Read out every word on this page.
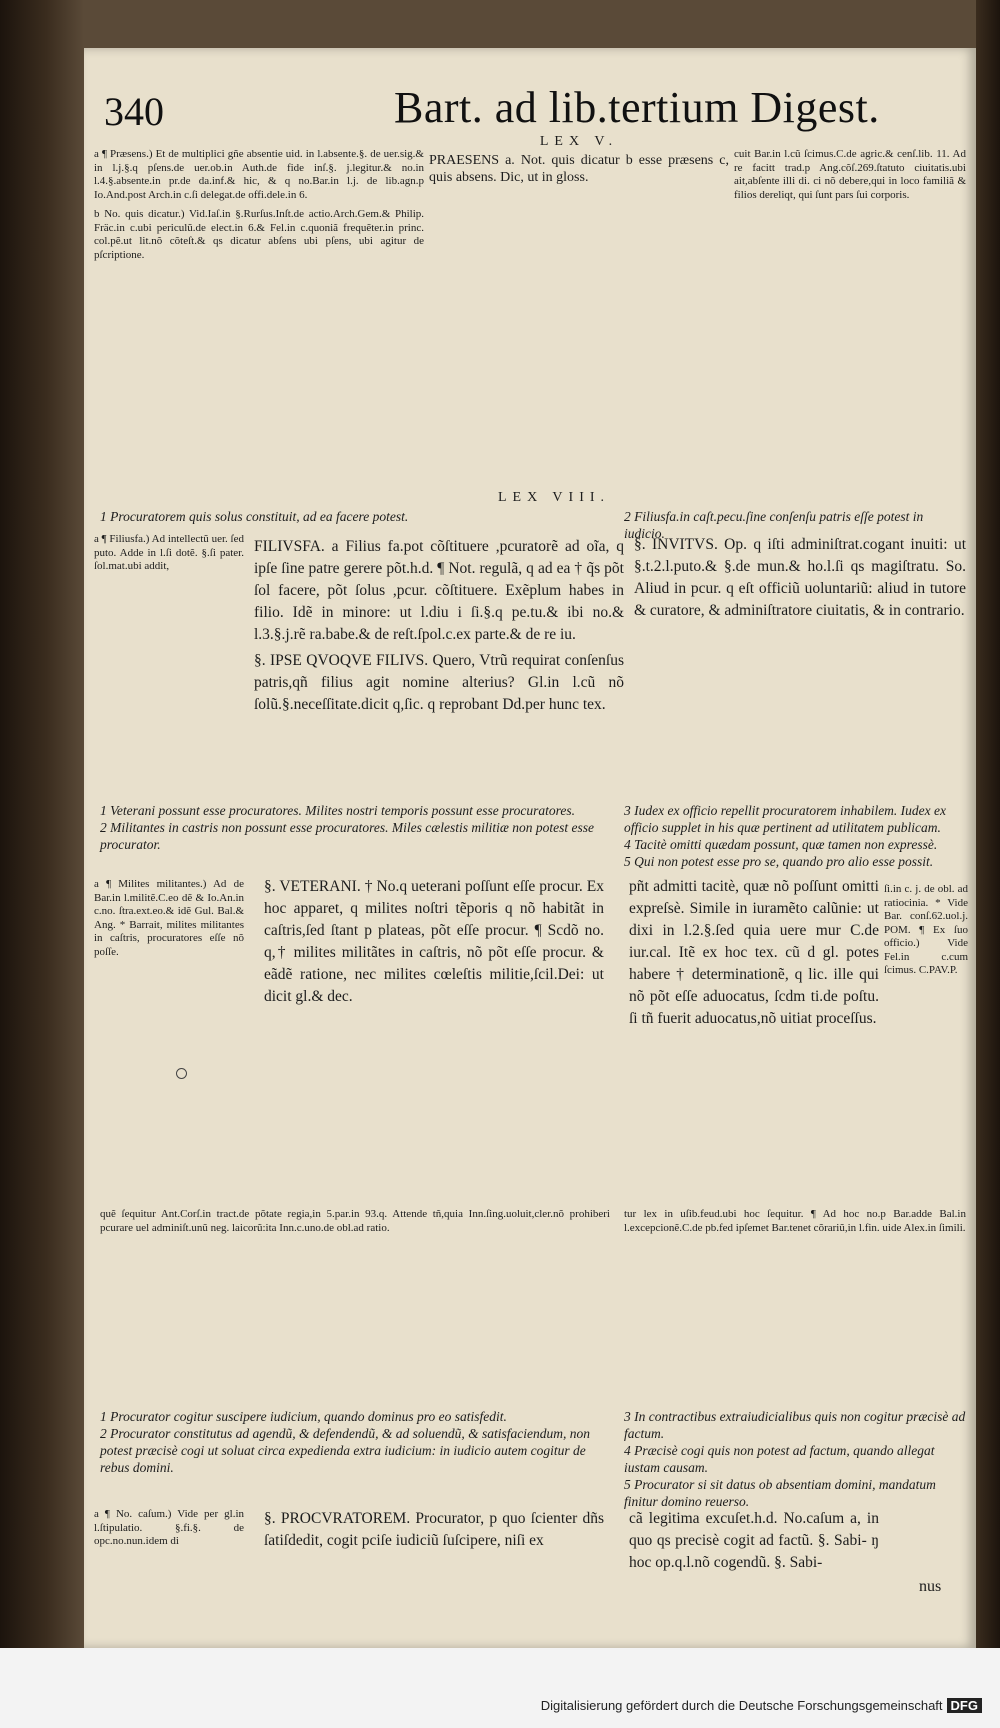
340	Bart. ad lib.tertium Digest.

a ¶ Præsens.) Et de multiplici gñe absentie uid. in l.absente.§. de uer.sig.& in l.j.§.q pſens.de uer.ob.in Auth.de fide inſ.§. j.legitur.& no.in l.4.§.absente.in pr.de da.inf.& hic, & q no.Bar.in l.j. de lib.agn.p Io.And.post Arch.in c.ſi delegat.de offi.dele.in 6.

b No. quis dicatur.) Vid.Iaſ.in §.Rurſus.Inſt.de actio.Arch.Gem.& Philip. Fräc.in c.ubi periculũ.de elect.in 6.& Fel.in c.quoniã frequẽter.in princ. col.pẽ.ut lit.nõ cõteſt.& qs dicatur abſens ubi pſens, ubi agitur de pſcriptione.

LEX V.

PRAESENS a. Not. quis dicatur b esse præsens c, quis absens. Dic, ut in gloss.

cuit Bar.in l.cũ ſcimus.C.de agric.& cenſ.lib. 11. Ad re facitt trad.p Ang.cõſ.269.ſtatuto ciuitatis.ubi ait,abſente illi di. ci nõ debere,qui in loco familiã & filios dereliqt, qui ſunt pars ſui corporis.

LEX VIII.

1 Procuratorem quis solus constituit, ad ea facere potest.	2 Filiusfa.in caſt.pecu.ſine conſenſu patris eſſe potest in iudicio.

a ¶ Filiusfa.) Ad intellectũ uer. ſed puto. Adde in l.ſi dotẽ. §.ſi pater. ſol.mat.ubi addit,

FILIVSFA. a Filius fa.pot cõſtituere ,pcuratorẽ ad oĩa, q ipſe ſine patre gerere põt.h.d. ¶ Not. regulã, q ad ea † q̃s põt ſol facere, põt ſolus ,pcur. cõſtituere. Exẽplum habes in filio. Idẽ in minore: ut l.diu i ſi.§.q pe.tu.& ibi no.& l.3.§.j.rẽ ra.babe.& de reſt.ſpol.c.ex parte.& de re iu.

§. IPSE QVOQVE FILIVS. Quero, Vtrũ requirat conſenſus patris,qñ filius agit nomine alterius? Gl.in l.cũ nõ ſolũ.§.neceſſitate.dicit q,ſic. q reprobant Dd.per hunc tex.

§. INVITVS. Op. q iſti adminiſtrat.cogant inuiti: ut §.t.2.l.puto.& §.de mun.& ho.l.ſi qs magiſtratu. So. Aliud in pcur. q eſt officiũ uoluntariũ: aliud in tutore & curatore, & adminiſtratore ciuitatis, & in contrario.

1 Veterani possunt esse procuratores. Milites nostri temporis possunt esse procuratores.

2 Militantes in castris non possunt esse procuratores. Miles cælestis militiæ non potest esse procurator.

3 Iudex ex officio repellit procuratorem inhabilem. Iudex ex officio supplet in his quæ pertinent ad utilitatem publicam.

4 Tacitè omitti quædam possunt, quæ tamen non expressè.

5 Qui non potest esse pro se, quando pro alio esse possit.

a ¶ Milites militantes.) Ad de Bar.in l.militẽ.C.eo dẽ & Io.An.in c.no. ſtra.ext.eo.& idẽ Gul. Bal.& Ang. * Barrait, milites militantes in caſtris, procuratores eſſe nõ poſſe.

§. VETERANI. † No.q ueterani poſſunt eſſe procur. Ex hoc apparet, q milites noſtri tẽporis q nõ habitãt in caſtris,ſed ſtant p plateas, põt eſſe procur. ¶ Scdõ no. q,† milites militãtes in caſtris, nõ põt eſſe procur. & eãdẽ ratione, nec milites cœleſtis militie,ſcil.Dei: ut dicit gl.& dec.

pñt admitti tacitè, quæ nõ poſſunt omitti expreſsè. Simile in iuramẽto calũnie: ut dixi in l.2.§.ſed quia uere mur C.de iur.cal. Itẽ ex hoc tex. cũ d gl. potes habere † determinationẽ, q lic. ille qui nõ põt eſſe aduocatus, ſcdm ti.de poſtu. ſi tñ fuerit aduocatus,nõ uitiat proceſſus.

ſi.in c. j. de obl. ad ratiocinia. * Vide Bar. conſ.62.uol.j. POM. ¶ Ex ſuo officio.) Vide Fel.in c.cum ſcimus. C.PAV.P.

quẽ ſequitur Ant.Corſ.in tract.de põtate regia,in 5.par.in 93.q. Attende tñ,quia Inn.ſing.uoluit,cler.nõ prohiberi pcurare uel adminiſt.unũ neg. laicorũ:ita Inn.c.uno.de obl.ad ratio.

tur lex in uſib.feud.ubi hoc ſequitur. ¶ Ad hoc no.p Bar.adde Bal.in l.excepcionẽ.C.de pb.fed ipſemet Bar.tenet cõrariũ,in l.fin. uide Alex.in ſimili.

1 Procurator cogitur suscipere iudicium, quando dominus pro eo satisfedit.

2 Procurator constitutus ad agendũ, & defendendũ, & ad soluendũ, & satisfaciendum, non potest præcisè cogi ut soluat circa expedienda extra iudicium: in iudicio autem cogitur de rebus domini.

3 In contractibus extraiudicialibus quis non cogitur præcisè ad factum.

4 Præcisè cogi quis non potest ad factum, quando allegat iustam causam.

5 Procurator si sit datus ob absentiam domini, mandatum finitur domino reuerso.

a ¶ No. caſum.) Vide per gl.in l.ſtipulatio. §.fi.§. de opc.no.nun.idem di

§. PROCVRATOREM. Procurator, p quo ſcienter dñs ſatiſdedit, cogit pciſe iudiciũ ſuſcipere, niſi ex

cã legitima excuſet.h.d. No.caſum a, in quo qs precisè cogit ad factũ. §. Sabi- ŋ hoc op.q.l.nõ cogendũ. §. Sabi-

nus
Digitalisierung gefördert durch die Deutsche Forschungsgemeinschaft DFG
